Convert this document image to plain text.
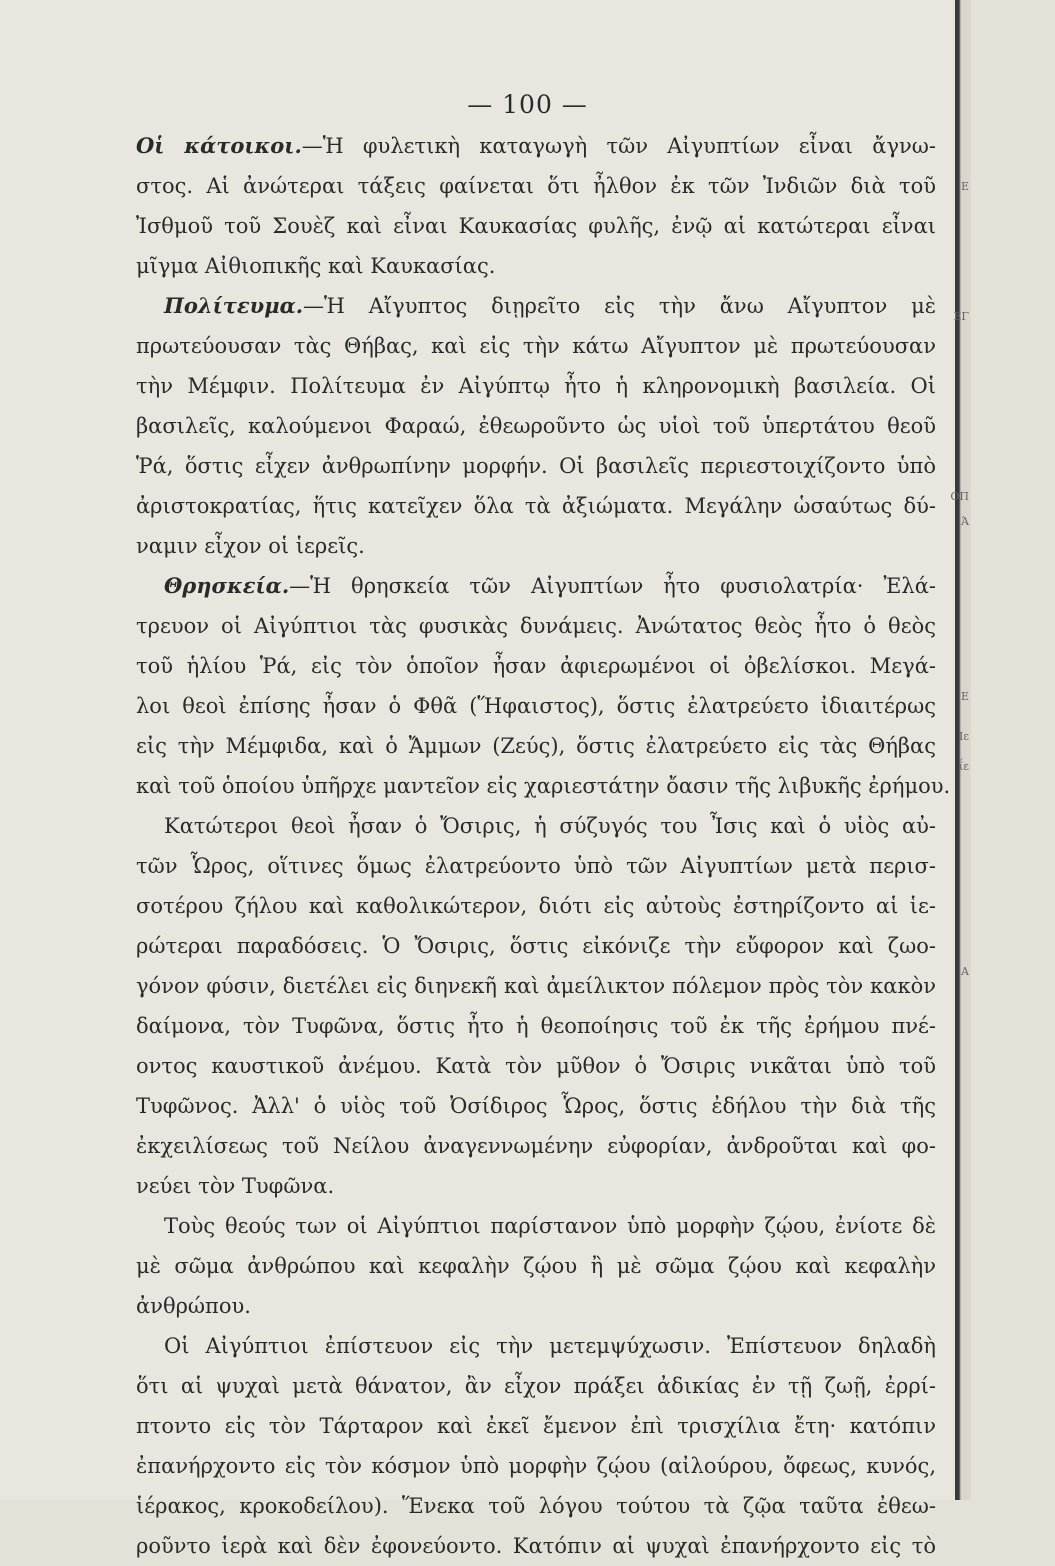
— 100 —
Οἱ κάτοικοι.—Ἡ φυλετικὴ καταγωγὴ τῶν Αἰγυπτίων εἶναι ἄγνω-
στος. Αἱ ἀνώτεραι τάξεις φαίνεται ὅτι ἦλθον ἐκ τῶν Ἰνδιῶν διὰ τοῦ
Ἰσθμοῦ τοῦ Σουὲζ καὶ εἶναι Καυκασίας φυλῆς, ἐνῷ αἱ κατώτεραι εἶναι
μῖγμα Αἰθιοπικῆς καὶ Καυκασίας.
Πολίτευμα.—Ἡ Αἴγυπτος διῃρεῖτο εἰς τὴν ἄνω Αἴγυπτον μὲ
πρωτεύουσαν τὰς Θήβας, καὶ εἰς τὴν κάτω Αἴγυπτον μὲ πρωτεύουσαν
τὴν Μέμφιν. Πολίτευμα ἐν Αἰγύπτῳ ἦτο ἡ κληρονομικὴ βασιλεία. Οἱ
βασιλεῖς, καλούμενοι Φαραώ, ἐθεωροῦντο ὡς υἱοὶ τοῦ ὑπερτάτου θεοῦ
Ῥά, ὅστις εἶχεν ἀνθρωπίνην μορφήν. Οἱ βασιλεῖς περιεστοιχίζοντο ὑπὸ
ἀριστοκρατίας, ἥτις κατεῖχεν ὅλα τὰ ἀξιώματα. Μεγάλην ὡσαύτως δύ-
ναμιν εἶχον οἱ ἱερεῖς.
Θρησκεία.—Ἡ θρησκεία τῶν Αἰγυπτίων ἦτο φυσιολατρία· Ἐλά-
τρευον οἱ Αἰγύπτιοι τὰς φυσικὰς δυνάμεις. Ἀνώτατος θεὸς ἦτο ὁ θεὸς
τοῦ ἡλίου Ῥά, εἰς τὸν ὁποῖον ἦσαν ἀφιερωμένοι οἱ ὀβελίσκοι. Μεγά-
λοι θεοὶ ἐπίσης ἦσαν ὁ Φθᾶ (Ἥφαιστος), ὅστις ἐλατρεύετο ἰδιαιτέρως
εἰς τὴν Μέμφιδα, καὶ ὁ Ἄμμων (Ζεύς), ὅστις ἐλατρεύετο εἰς τὰς Θήβας
καὶ τοῦ ὁποίου ὑπῆρχε μαντεῖον εἰς χαριεστάτην ὄασιν τῆς λιβυκῆς ἐρήμου.
Κατώτεροι θεοὶ ἦσαν ὁ Ὄσιρις, ἡ σύζυγός του Ἶσις καὶ ὁ υἱὸς αὐ-
τῶν Ὧρος, οἵτινες ὅμως ἐλατρεύοντο ὑπὸ τῶν Αἰγυπτίων μετὰ περισ-
σοτέρου ζήλου καὶ καθολικώτερον, διότι εἰς αὐτοὺς ἐστηρίζοντο αἱ ἱε-
ρώτεραι παραδόσεις. Ὁ Ὄσιρις, ὅστις εἰκόνιζε τὴν εὔφορον καὶ ζωο-
γόνον φύσιν, διετέλει εἰς διηνεκῆ καὶ ἀμείλικτον πόλεμον πρὸς τὸν κακὸν
δαίμονα, τὸν Τυφῶνα, ὅστις ἦτο ἡ θεοποίησις τοῦ ἐκ τῆς ἐρήμου πνέ-
οντος καυστικοῦ ἀνέμου. Κατὰ τὸν μῦθον ὁ Ὄσιρις νικᾶται ὑπὸ τοῦ
Τυφῶνος. Ἀλλ' ὁ υἱὸς τοῦ Ὀσίδιρος Ὧρος, ὅστις ἐδήλου τὴν διὰ τῆς
ἐκχειλίσεως τοῦ Νείλου ἀναγεννωμένην εὐφορίαν, ἀνδροῦται καὶ φο-
νεύει τὸν Τυφῶνα.
Τοὺς θεούς των οἱ Αἰγύπτιοι παρίστανον ὑπὸ μορφὴν ζῴου, ἐνίοτε δὲ
μὲ σῶμα ἀνθρώπου καὶ κεφαλὴν ζῴου ἢ μὲ σῶμα ζῴου καὶ κεφαλὴν
ἀνθρώπου.
Οἱ Αἰγύπτιοι ἐπίστευον εἰς τὴν μετεμψύχωσιν. Ἐπίστευον δηλαδὴ
ὅτι αἱ ψυχαὶ μετὰ θάνατον, ἂν εἶχον πράξει ἀδικίας ἐν τῇ ζωῇ, ἐρρί-
πτοντο εἰς τὸν Τάρταρον καὶ ἐκεῖ ἔμενον ἐπὶ τρισχίλια ἔτη· κατόπιν
ἐπανήρχοντο εἰς τὸν κόσμον ὑπὸ μορφὴν ζῴου (αἰλούρου, ὄφεως, κυνός,
ἱέρακος, κροκοδείλου). Ἕνεκα τοῦ λόγου τούτου τὰ ζῷα ταῦτα ἐθεω-
ροῦντο ἱερὰ καὶ δὲν ἐφονεύοντο. Κατόπιν αἱ ψυχαὶ ἐπανήρχοντο εἰς τὸ
Ε
ΕΓ
ΟΠ
Ά
Ε
Ιε
ΐε
Α
